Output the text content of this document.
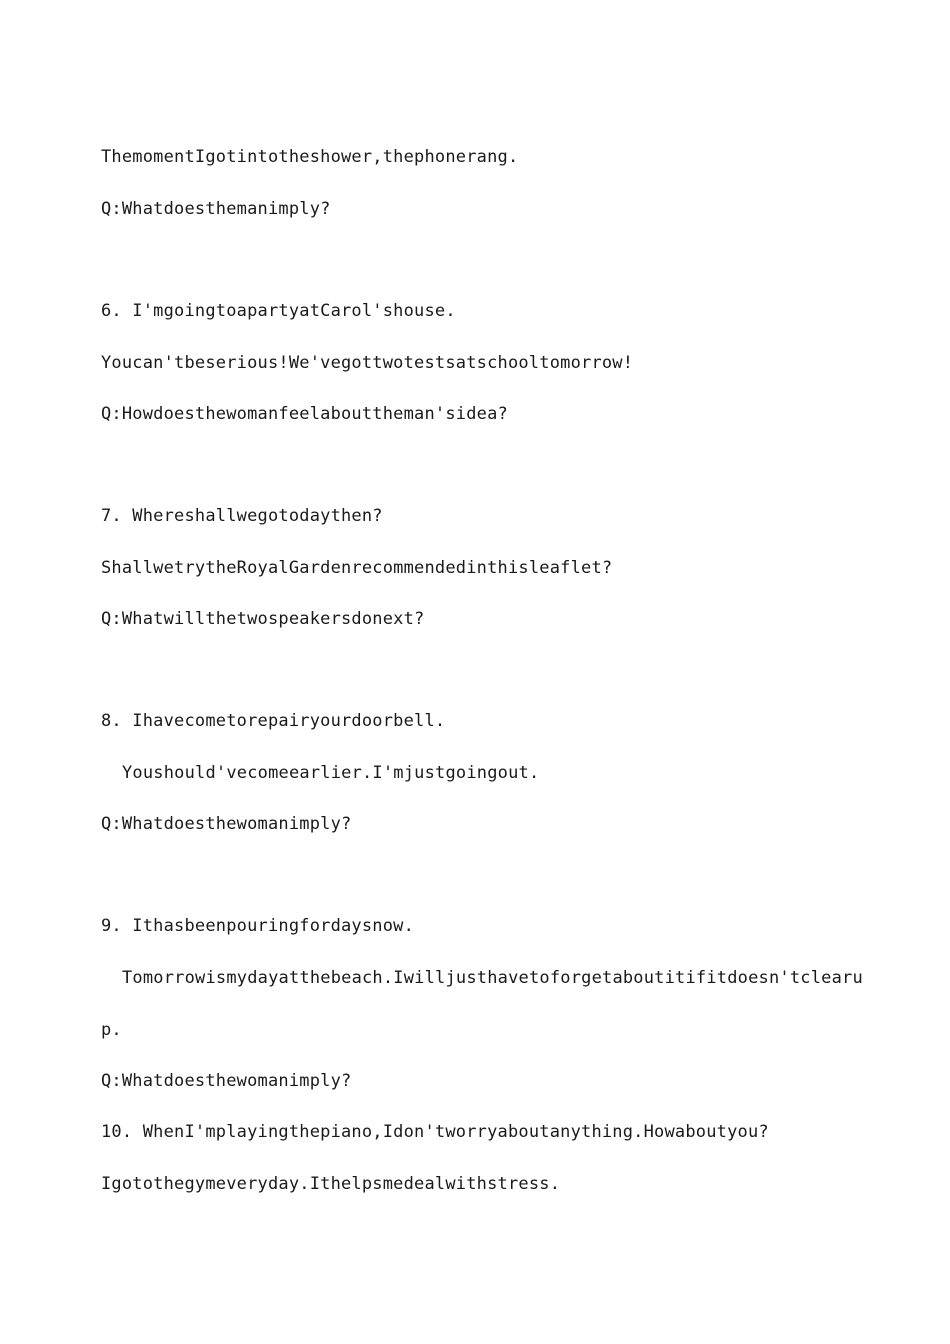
ThemomentIgotintotheshower,thephonerang.
Q:Whatdoesthemanimply?
6. I'mgoingtoapartyatCarol'shouse.
Youcan'tbeserious!We'vegottwotestsatschooltomorrow!
Q:Howdoesthewomanfeelabouttheman'sidea?
7. Whereshallwegotodaythen?
ShallwetrytheRoyalGardenrecommendedinthisleaflet?
Q:Whatwillthetwospeakersdonext?
8. Ihavecometorepairyourdoorbell.
Youshould'vecomeearlier.I'mjustgoingout.
Q:Whatdoesthewomanimply?
9. Ithasbeenpouringfordaysnow.
Tomorrowismydayatthebeach.Iwilljusthavetoforgetaboutitifitdoesn'tclearu
p.
Q:Whatdoesthewomanimply?
10. WhenI'mplayingthepiano,Idon'tworryaboutanything.Howaboutyou?
Igotothegymeveryday.Ithelpsmedealwithstress.
